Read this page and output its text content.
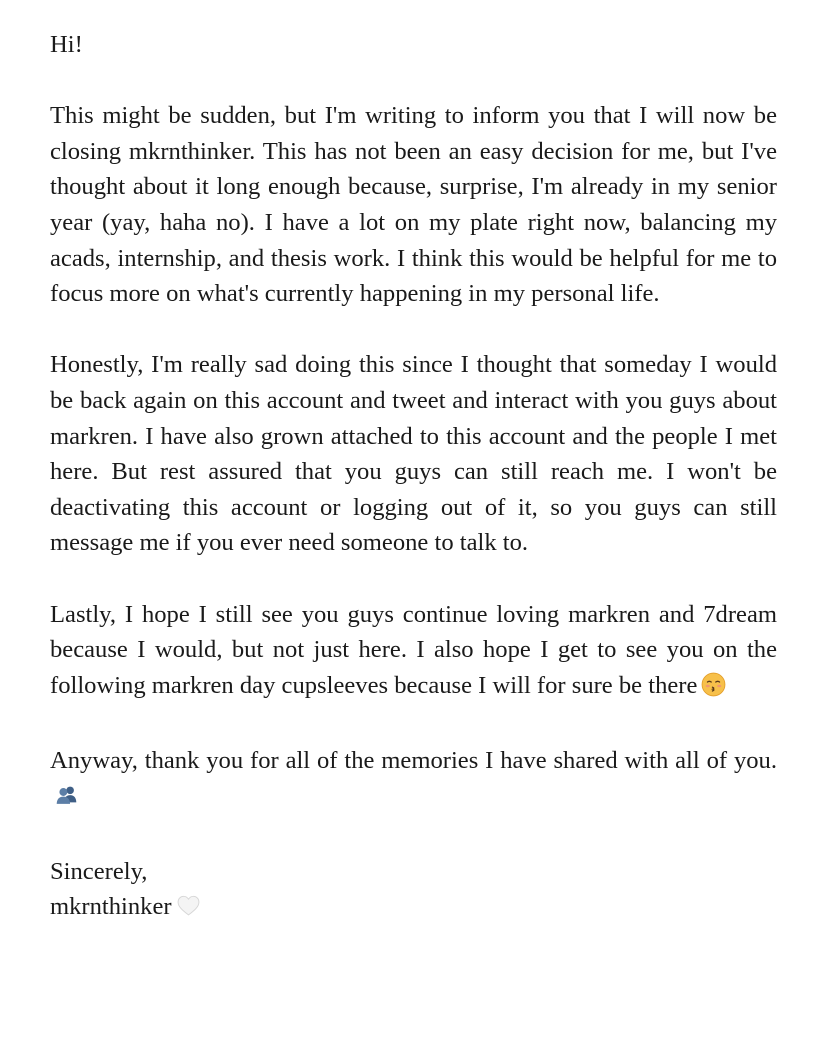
Hi!

This might be sudden, but I'm writing to inform you that I will now be closing mkrnthinker. This has not been an easy decision for me, but I've thought about it long enough because, surprise, I'm already in my senior year (yay, haha no). I have a lot on my plate right now, balancing my acads, internship, and thesis work. I think this would be helpful for me to focus more on what's currently happening in my personal life.

Honestly, I'm really sad doing this since I thought that someday I would be back again on this account and tweet and interact with you guys about markren. I have also grown attached to this account and the people I met here. But rest assured that you guys can still reach me. I won't be deactivating this account or logging out of it, so you guys can still message me if you ever need someone to talk to.

Lastly, I hope I still see you guys continue loving markren and 7dream because I would, but not just here. I also hope I get to see you on the following markren day cupsleeves because I will for sure be there

Anyway, thank you for all of the memories I have shared with all of you.

Sincerely,

mkrnthinker
